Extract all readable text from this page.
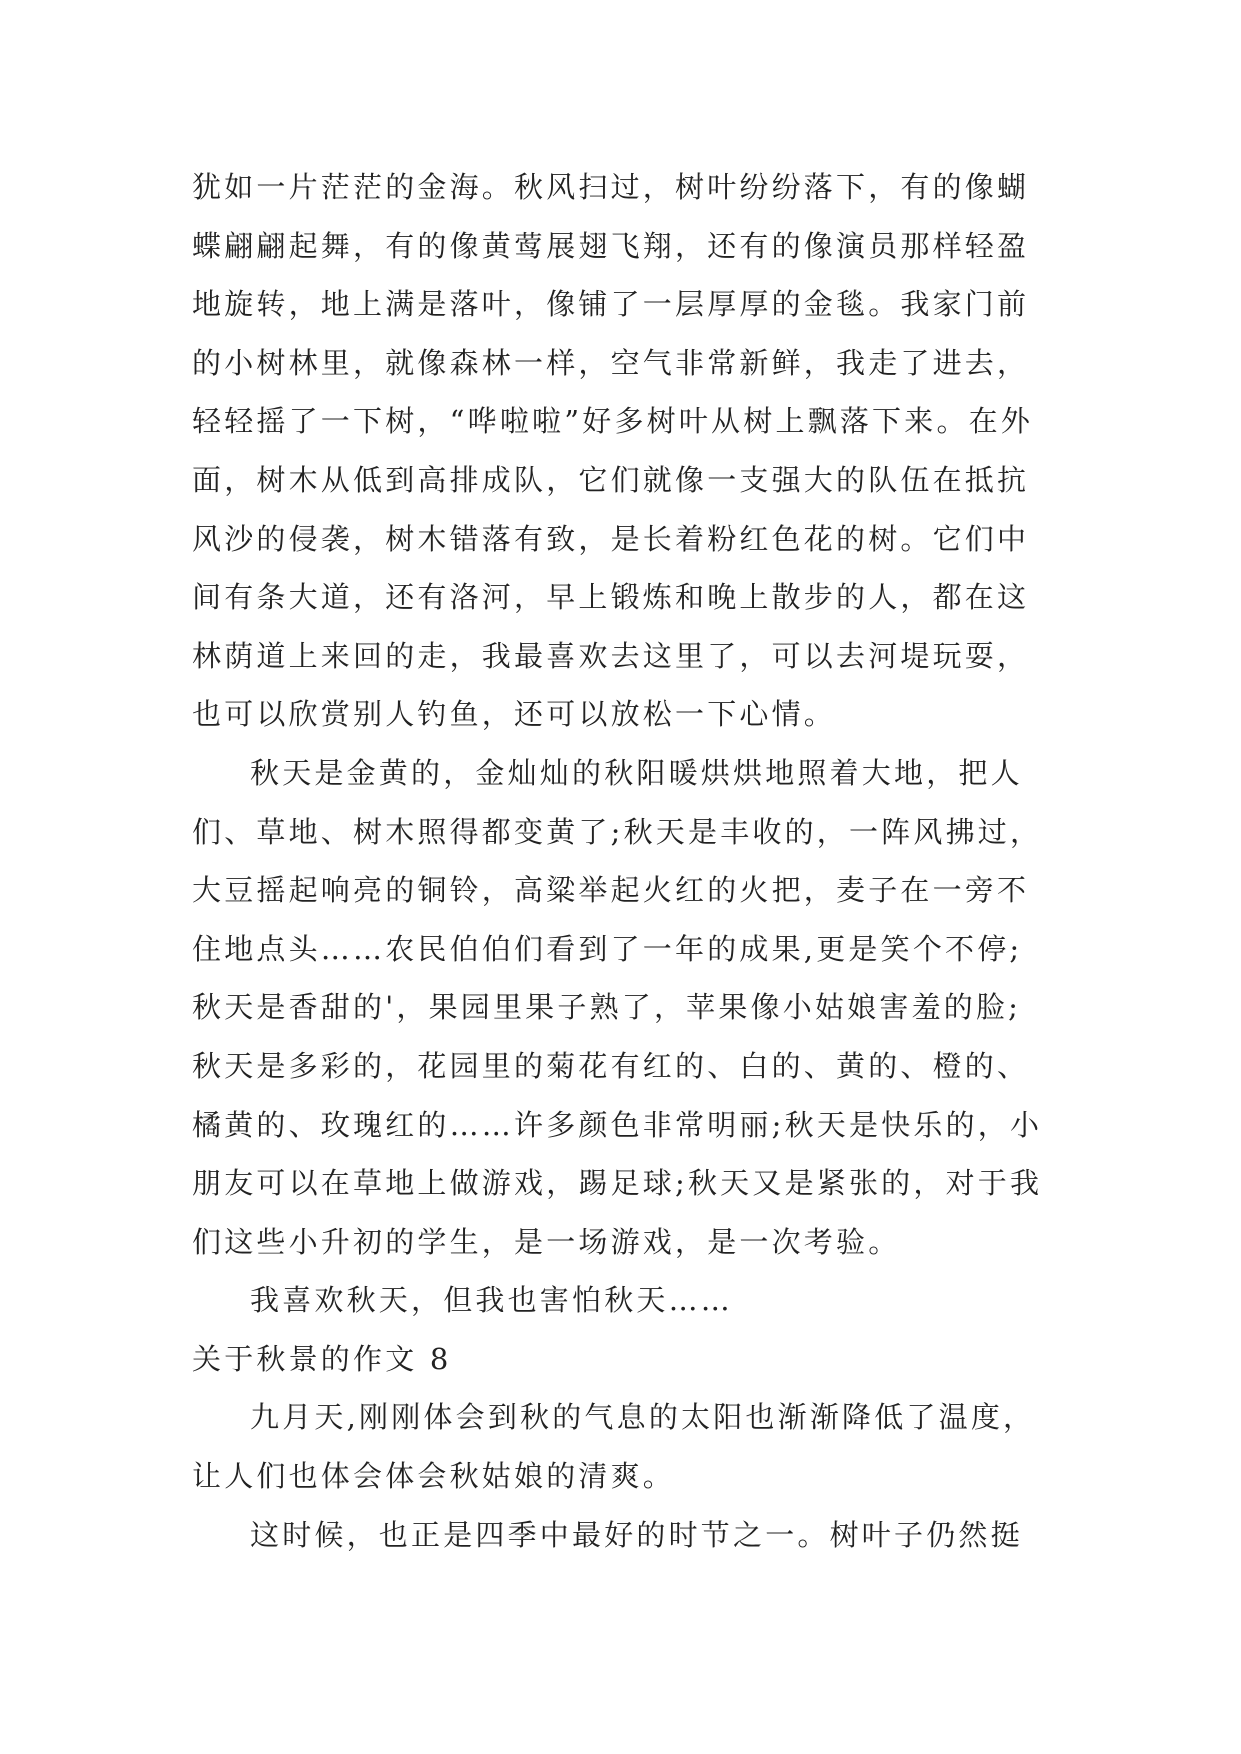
犹如一片茫茫的金海。秋风扫过，树叶纷纷落下，有的像蝴蝶翩翩起舞，有的像黄莺展翅飞翔，还有的像演员那样轻盈地旋转，地上满是落叶，像铺了一层厚厚的金毯。我家门前的小树林里，就像森林一样，空气非常新鲜，我走了进去，轻轻摇了一下树，“哗啦啦”好多树叶从树上飘落下来。在外面，树木从低到高排成队，它们就像一支强大的队伍在抵抗风沙的侵袭，树木错落有致，是长着粉红色花的树。它们中间有条大道，还有洛河，早上锻炼和晚上散步的人，都在这林荫道上来回的走，我最喜欢去这里了，可以去河堤玩耍，也可以欣赏别人钓鱼，还可以放松一下心情。

秋天是金黄的，金灿灿的秋阳暖烘烘地照着大地，把人们、草地、树木照得都变黄了;秋天是丰收的，一阵风拂过，大豆摇起响亮的铜铃，高粱举起火红的火把，麦子在一旁不住地点头……农民伯伯们看到了一年的成果,更是笑个不停;秋天是香甜的'，果园里果子熟了，苹果像小姑娘害羞的脸;秋天是多彩的，花园里的菊花有红的、白的、黄的、橙的、橘黄的、玫瑰红的……许多颜色非常明丽;秋天是快乐的，小朋友可以在草地上做游戏，踢足球;秋天又是紧张的，对于我们这些小升初的学生，是一场游戏，是一次考验。

我喜欢秋天，但我也害怕秋天……

关于秋景的作文 8

九月天,刚刚体会到秋的气息的太阳也渐渐降低了温度，让人们也体会体会秋姑娘的清爽。

这时候，也正是四季中最好的时节之一。树叶子仍然挺
